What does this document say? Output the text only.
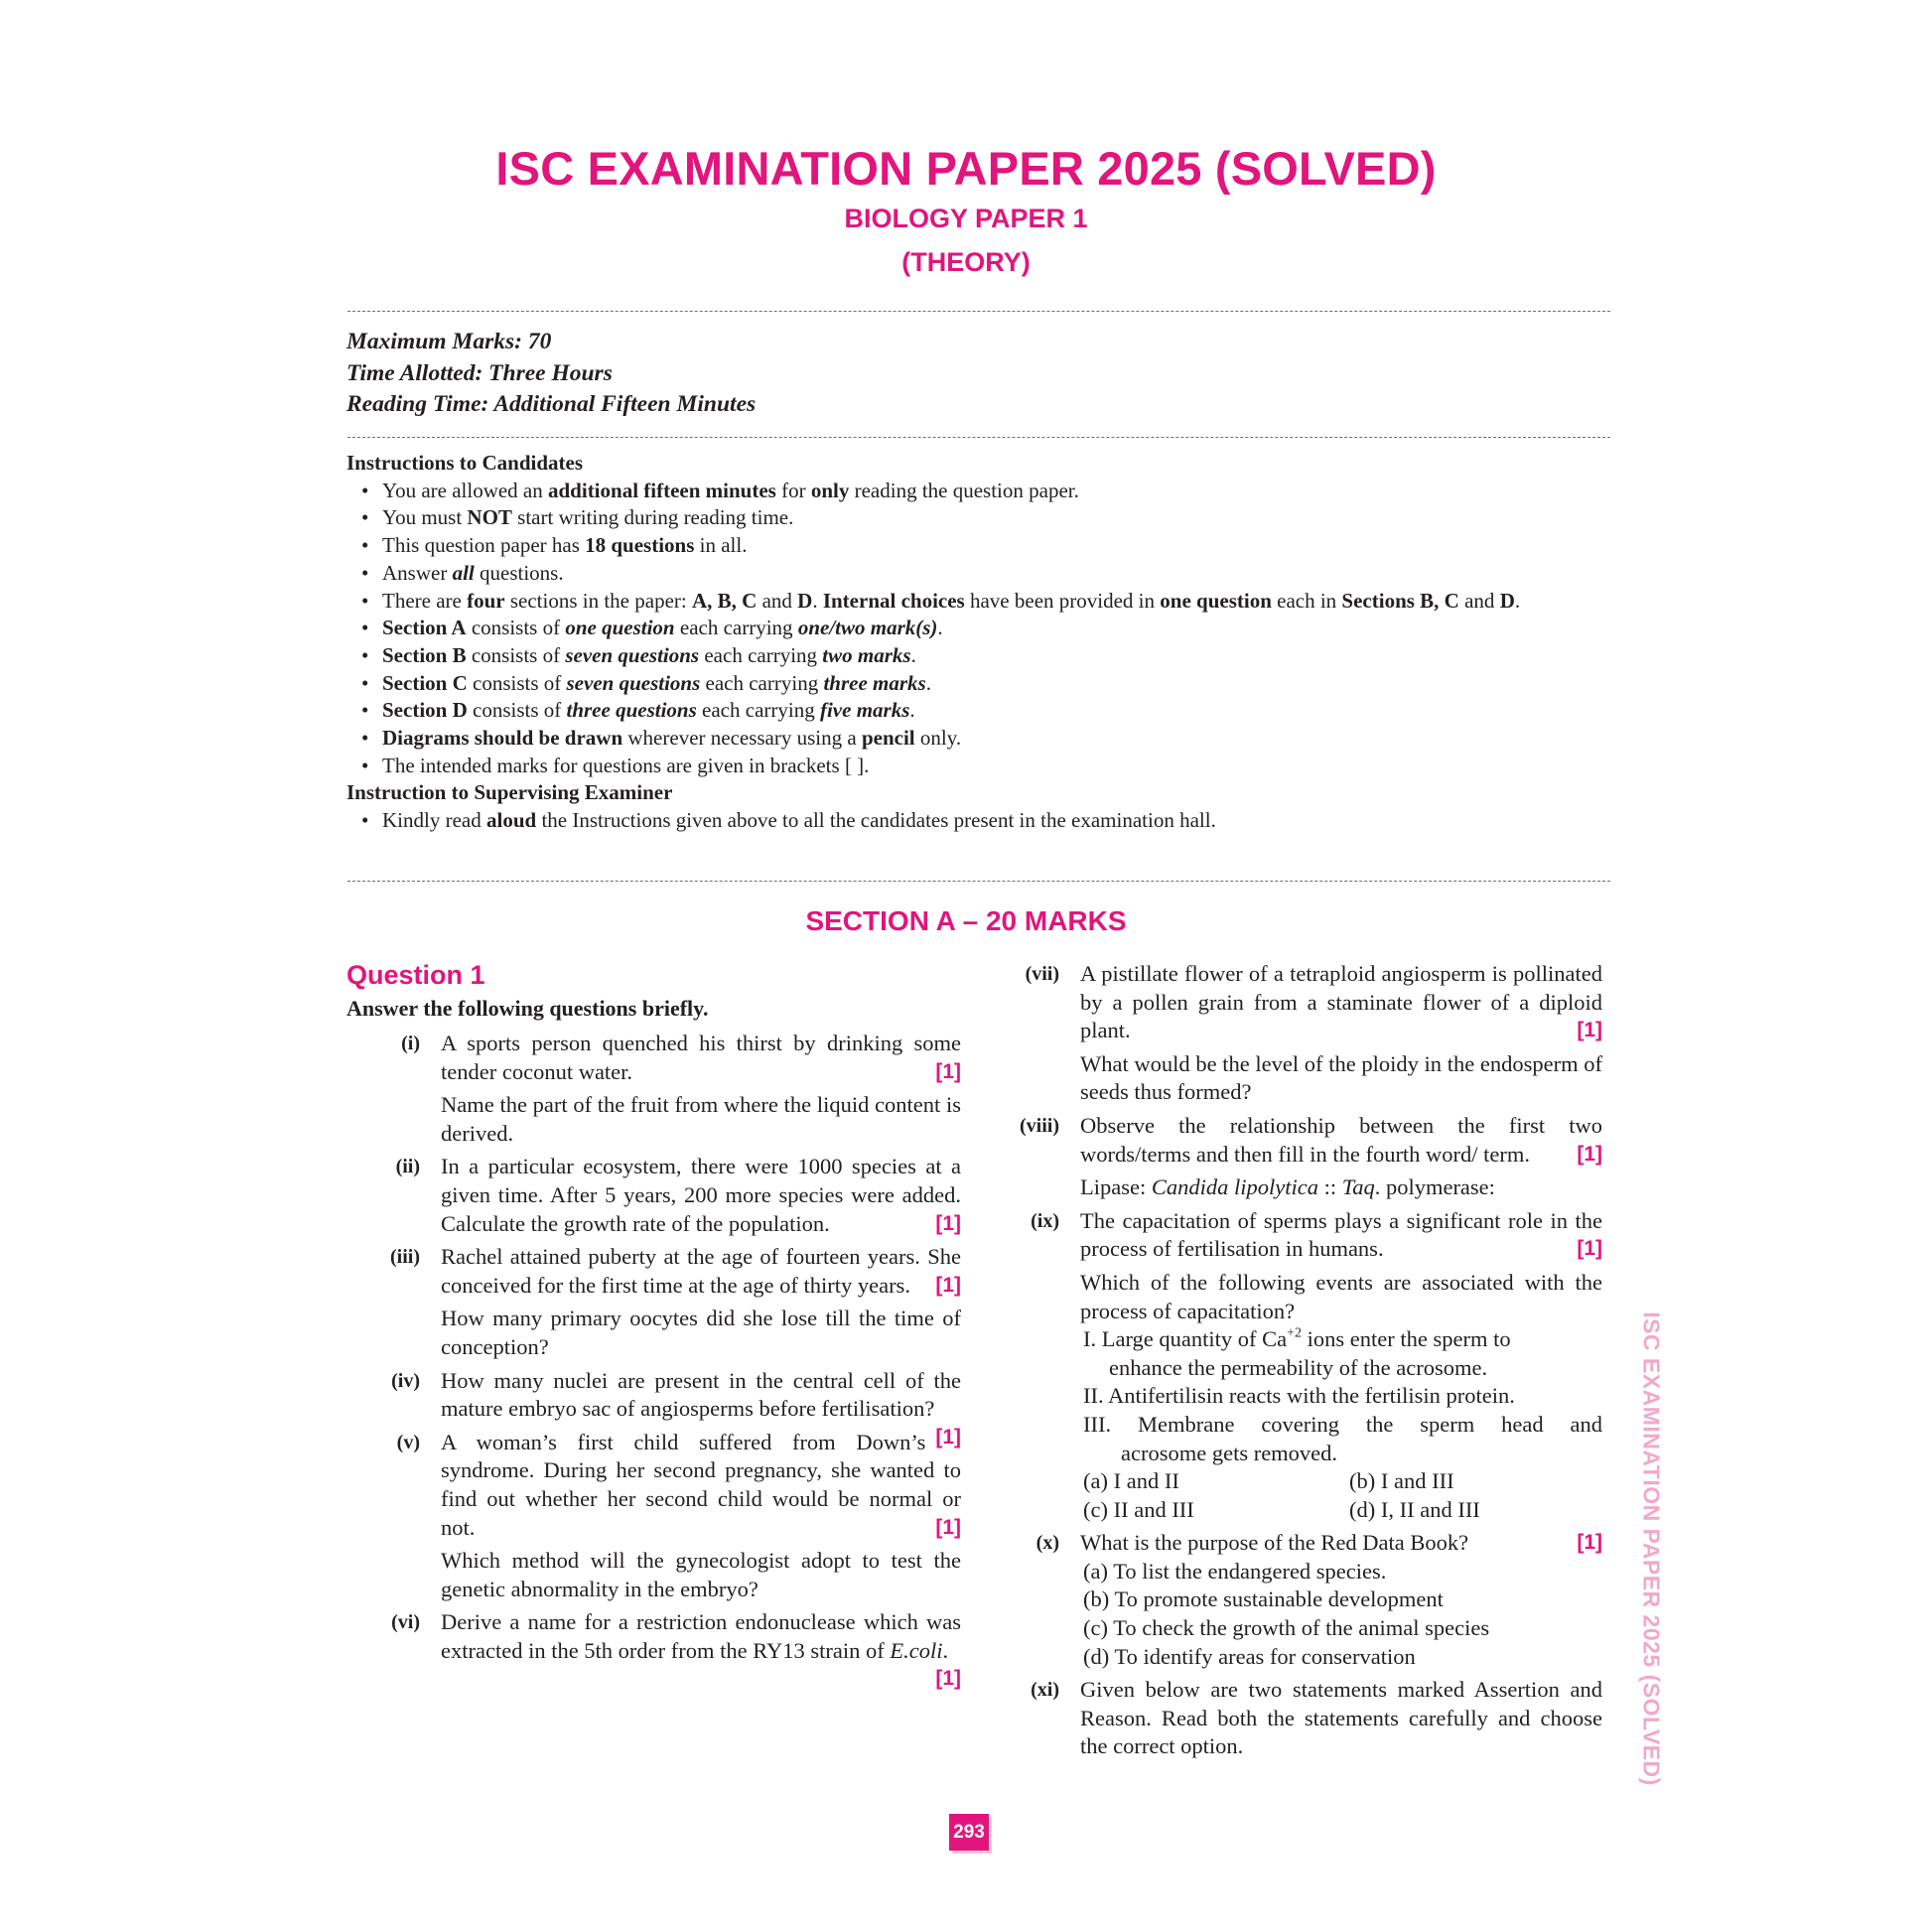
ISC EXAMINATION PAPER 2025 (SOLVED)
BIOLOGY PAPER 1
(THEORY)
Maximum Marks: 70
Time Allotted: Three Hours
Reading Time: Additional Fifteen Minutes
Instructions to Candidates
• You are allowed an additional fifteen minutes for only reading the question paper.
• You must NOT start writing during reading time.
• This question paper has 18 questions in all.
• Answer all questions.
• There are four sections in the paper: A, B, C and D. Internal choices have been provided in one question each in Sections B, C and D.
• Section A consists of one question each carrying one/two mark(s).
• Section B consists of seven questions each carrying two marks.
• Section C consists of seven questions each carrying three marks.
• Section D consists of three questions each carrying five marks.
• Diagrams should be drawn wherever necessary using a pencil only.
• The intended marks for questions are given in brackets [ ].
Instruction to Supervising Examiner
• Kindly read aloud the Instructions given above to all the candidates present in the examination hall.
SECTION A – 20 MARKS
Question 1
Answer the following questions briefly.
(i) A sports person quenched his thirst by drinking some tender coconut water.	[1]

Name the part of the fruit from where the liquid content is derived.

(ii) In a particular ecosystem, there were 1000 species at a given time. After 5 years, 200 more species were added. Calculate the growth rate of the population.	[1]

(iii) Rachel attained puberty at the age of fourteen years. She conceived for the first time at the age of thirty years. [1]

How many primary oocytes did she lose till the time of conception?

(iv) How many nuclei are present in the central cell of the mature embryo sac of angiosperms before fertilisation?
[1]

(v) A woman’s first child suffered from Down’s syndrome. During her second pregnancy, she wanted to find out whether her second child would be normal or not.	[1]

Which method will the gynecologist adopt to test the genetic abnormality in the embryo?

(vi) Derive a name for a restriction endonuclease which was extracted in the 5th order from the RY13 strain of E.coli.
[1]

(vii) A pistillate flower of a tetraploid angiosperm is pollinated by a pollen grain from a staminate flower of a diploid plant.	[1]

What would be the level of the ploidy in the endosperm of seeds thus formed?

(viii) Observe the relationship between the first two words/terms and then fill in the fourth word/ term. [1]

Lipase: Candida lipolytica :: Taq. polymerase:

(ix) The capacitation of sperms plays a significant role in the process of fertilisation in humans.	[1]

Which of the following events are associated with the process of capacitation?

I. Large quantity of $Ca^{+2}$ ions enter the sperm to
enhance the permeability of the acrosome.
II. Antifertilisin reacts with the fertilisin protein.
III. Membrane covering the sperm head and
acrosome gets removed.
(a) I and II	(b) I and III
(c) II and III	(d) I, II and III
(x) What is the purpose of the Red Data Book?	[1]

(a) To list the endangered species.
(b) To promote sustainable development
(c) To check the growth of the animal species
(d) To identify areas for conservation
(xi) Given below are two statements marked Assertion and Reason. Read both the statements carefully and choose the correct option.	ISC EXAMINATION PAPER 2025 (SOLVED)
293
